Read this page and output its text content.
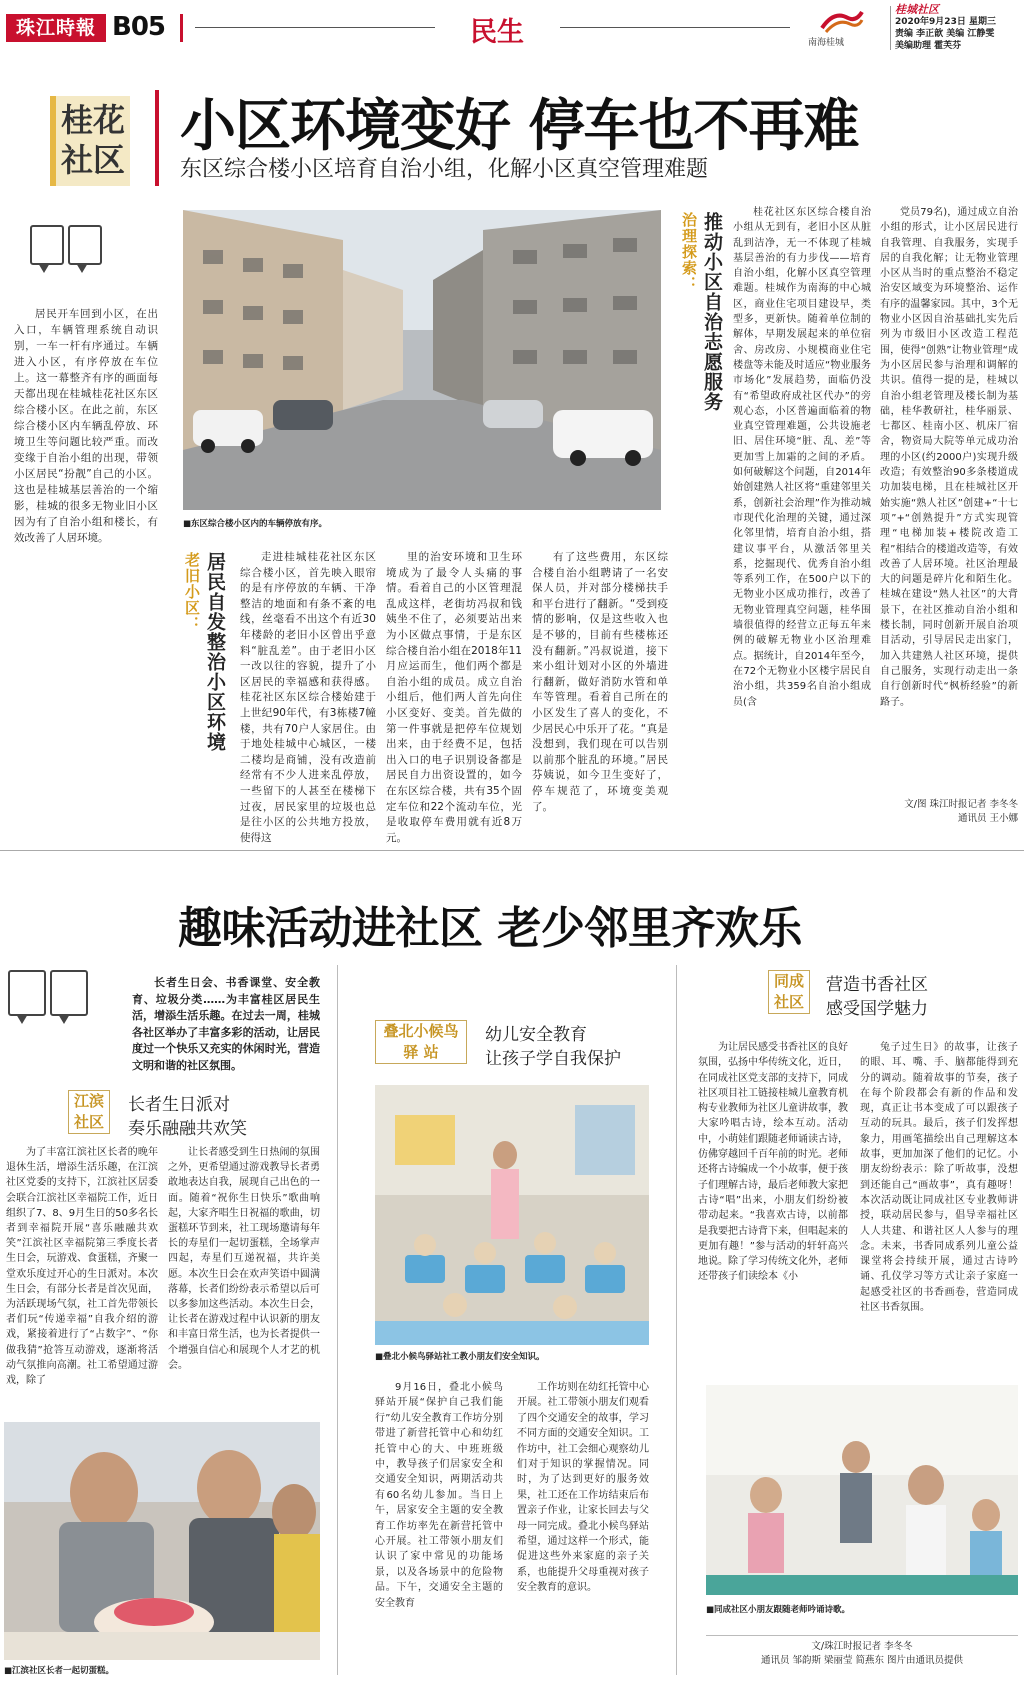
珠江時報 B05	民生	南海桂城
桂城社区
2020年9月23日 星期三
责编 李正歆 美编 江静雯
美编助理 霍芙芬
桂花
社区
小区环境变好 停车也不再难
东区综合楼小区培育自治小组，化解小区真空管理难题
居民开车回到小区，在出入口，车辆管理系统自动识别，一车一杆有序通过。车辆进入小区，有序停放在车位上。这一幕整齐有序的画面每天都出现在桂城桂花社区东区综合楼小区。在此之前，东区综合楼小区内车辆乱停放、环境卫生等问题比较严重。而改变缘于自治小组的出现，带领小区居民“扮靓”自己的小区。这也是桂城基层善治的一个缩影，桂城的很多无物业旧小区因为有了自治小组和楼长，有效改善了人居环境。
■东区综合楼小区内的车辆停放有序。
老旧小区： 居民自发整治小区环境	走进桂城桂花社区东区综合楼小区，首先映入眼帘的是有序停放的车辆、干净整洁的地面和有条不紊的电线，丝毫看不出这个有近30年楼龄的老旧小区曾出乎意料“脏乱差”。由于老旧小区一改以往的容貌，提升了小区居民的幸福感和获得感。桂花社区东区综合楼始建于上世纪90年代，有3栋楼7幢楼，共有70户人家居住。由于地处桂城中心城区，一楼二楼均是商铺，没有改造前经常有不少人进来乱停放，一些留下的人甚至在楼梯下过夜，居民家里的垃圾也总是往小区的公共地方投放，使得这
里的治安环境和卫生环境成为了最令人头痛的事情。看着自己的小区管理混乱成这样，老街坊冯叔和钱姨坐不住了，必须要站出来为小区做点事情，于是东区综合楼自治小组在2018年11月应运而生，他们两个都是自治小组的成员。成立自治小组后，他们两人首先向住小区变好、变美。首先做的第一件事就是把停车位规划出来，由于经费不足，包括出入口的电子识别设备都是居民自力出资设置的，如今在东区综合楼，共有35个固定车位和22个流动车位，光是收取停车费用就有近8万元。
有了这些费用，东区综合楼自治小组聘请了一名安保人员，并对部分楼梯扶手和平台进行了翻新。“受到疫情的影响，仅是这些收入也是不够的，目前有些楼栋还没有翻新。”冯叔说道，接下来小组计划对小区的外墙进行翻新，做好消防水管和单车等管理。看着自己所在的小区发生了喜人的变化，不少居民心中乐开了花。“真是没想到，我们现在可以告别以前那个脏乱的环境。”居民芬姨说，如今卫生变好了，停车规范了，环境变美观了。
治理探索： 推动小区自治志愿服务	桂花社区东区综合楼自治小组从无到有，老旧小区从脏乱到洁净，无一不体现了桂城基层善治的有力步伐——培育自治小组，化解小区真空管理难题。桂城作为南海的中心城区，商业住宅项目建设早，类型多，更新快。随着单位制的解体，早期发展起来的单位宿舍、房改房、小规模商业住宅楼盘等未能及时适应“物业服务市场化”发展趋势，面临仍没有“希望政府成社区代办”的旁观心态，小区普遍面临着的物业真空管理难题，公共设施老旧、居住环境“脏、乱、差”等更加雪上加霜的之间的矛盾。如何破解这个问题，自2014年始创建熟人社区将“重建邻里关系，创新社会治理”作为推动城市现代化治理的关键，通过深化邻里情，培育自治小组，搭建议事平台，从激活邻里关系，挖掘现代、优秀自治小组等系列工作，在500户以下的无物业小区成功推行，改善了无物业管理真空问题，桂华围墙很值得的经营立正每五年来例的破解无物业小区治理难点。据统计，自2014年至今，在72个无物业小区楼宇居民自治小组，共359名自治小组成员(含
党员79名)，通过成立自治小组的形式，让小区居民进行自我管理、自我服务，实现手居的自我化解；让无物业管理小区从当时的重点整治不稳定治安区域变为环境整治、运作有序的温馨家园。其中，3个无物业小区因自治基础扎实先后列为市级旧小区改造工程范围，使得“创熟”让物业管理“成为小区居民参与治理和调解的共识。值得一提的是，桂城以自治小组老管理及楼长制为基础，桂华教研社，桂华丽景、七都区、桂南小区、机床厂宿舍，物资局大院等单元成功治理的小区(约2000户)实现升级改造；有效整治90多条楼道成功加装电梯，且在桂城社区开始实施“熟人社区”创建+“十七项”+“创熟提升”方式实现管理“电梯加装+楼院改造工程”相结合的楼道改造等，有效改善了人居环境。社区治理最大的问题是碎片化和陌生化。桂城在建设“熟人社区”的大背景下，在社区推动自治小组和楼长制，同时创新开展自治项目活动，引导居民走出家门，加入共建熟人社区环境，提供自己服务，实现行动走出一条自行创新时代“枫桥经验”的新路子。
文/图 珠江时报记者 李冬冬
通讯员 王小娜
趣味活动进社区 老少邻里齐欢乐
长者生日会、书香课堂、安全教育、垃圾分类……为丰富桂区居民生活，增添生活乐趣。在过去一周，桂城各社区举办了丰富多彩的活动，让居民度过一个快乐又充实的休闲时光，营造文明和谐的社区氛围。
江滨
社区
长者生日派对
奏乐融融共欢笑
为了丰富江滨社区长者的晚年退休生活，增添生活乐趣，在江滨社区党委的支持下，江滨社区居委会联合江滨社区幸福院工作，近日组织了7、8、9月生日的50多名长者到幸福院开展“喜乐融融共欢笑”江滨社区幸福院第三季度长者生日会，玩游戏、食蛋糕，齐聚一堂欢乐度过开心的生日派对。本次生日会，有部分长者是首次见面，为活跃现场气氛，社工首先带领长者们玩“传递幸福”自我介绍的游戏，紧接着进行了“占数字”、“你做我猜”抢答互动游戏，逐渐将活动气氛推向高潮。社工希望通过游戏，除了
让长者感受到生日热闹的氛围之外，更希望通过游戏教导长者勇敢地表达自我，展现自己出色的一面。随着“祝你生日快乐”歌曲响起，大家齐唱生日祝福的歌曲，切蛋糕环节到来，社工现场邀请每年长的寿星们一起切蛋糕，全场掌声四起，寿星们互递祝福，共许美愿。本次生日会在欢声笑语中圆满落幕，长者们纷纷表示希望以后可以多参加这些活动。本次生日会，让长者在游戏过程中认识新的朋友和丰富日常生活，也为长者提供一个增强自信心和展现个人才艺的机会。
■江滨社区长者一起切蛋糕。
叠北小候鸟
驿 站
幼儿安全教育
让孩子学自我保护
■叠北小候鸟驿站社工教小朋友们安全知识。
9月16日，叠北小候鸟驿站开展“保护自己我们能行”幼儿安全教育工作坊分别带进了新营托管中心和幼红托管中心的大、中班班级中，教导孩子们居家安全和交通安全知识，两期活动共有60名幼儿参加。当日上午，居家安全主题的安全教育工作坊率先在新营托管中心开展。社工带领小朋友们认识了家中常见的功能场景，以及各场景中的危险物品。下午，交通安全主题的安全教育
工作坊则在幼红托管中心开展。社工带领小朋友们观看了四个交通安全的故事，学习不同方面的交通安全知识。工作坊中，社工会细心观察幼儿们对于知识的掌握情况。同时，为了达到更好的服务效果，社工还在工作坊结束后布置亲子作业，让家长回去与父母一同完成。叠北小候鸟驿站希望，通过这样一个形式，能促进这些外来家庭的亲子关系，也能提升父母重视对孩子安全教育的意识。
同成
社区
营造书香社区
感受国学魅力
为让居民感受书香社区的良好氛围，弘扬中华传统文化，近日，在同成社区党支部的支持下，同成社区项目社工链接桂城儿童教育机构专业教师为社区儿童讲故事，教大家吟唱古诗，绘本互动。活动中，小萌娃们跟随老师诵读古诗，仿佛穿越回千百年前的时光。老师还将古诗编成一个小故事，便于孩子们理解古诗，最后老师教大家把古诗“唱”出来，小朋友们纷纷被带动起来。“我喜欢古诗，以前都是我要把古诗背下来，但唱起来的更加有趣！”参与活动的轩轩高兴地说。除了学习传统文化外，老师还带孩子们读绘本《小
兔子过生日》的故事，让孩子的眼、耳、嘴、手、脑都能得到充分的调动。随着故事的节奏，孩子在每个阶段都会有新的作品和发现，真正让书本变成了可以跟孩子互动的玩具。最后，孩子们发挥想象力，用画笔描绘出自己理解这本故事，更加加深了他们的记忆。小朋友纷纷表示：除了听故事，没想到还能自己“画故事”，真有趣呀！本次活动既让同成社区专业教师讲授，联动居民参与，倡导幸福社区人人共建、和谐社区人人参与的理念。未来，书香同成系列儿童公益课堂将会持续开展，通过古诗吟诵、孔仪学习等方式让亲子家庭一起感受社区的书香画卷，营造同成社区书香氛围。
■同成社区小朋友跟随老师吟诵诗歌。
文/珠江时报记者 李冬冬
通讯员 邹韵斯 梁丽莹 简燕东 图片由通讯员提供
